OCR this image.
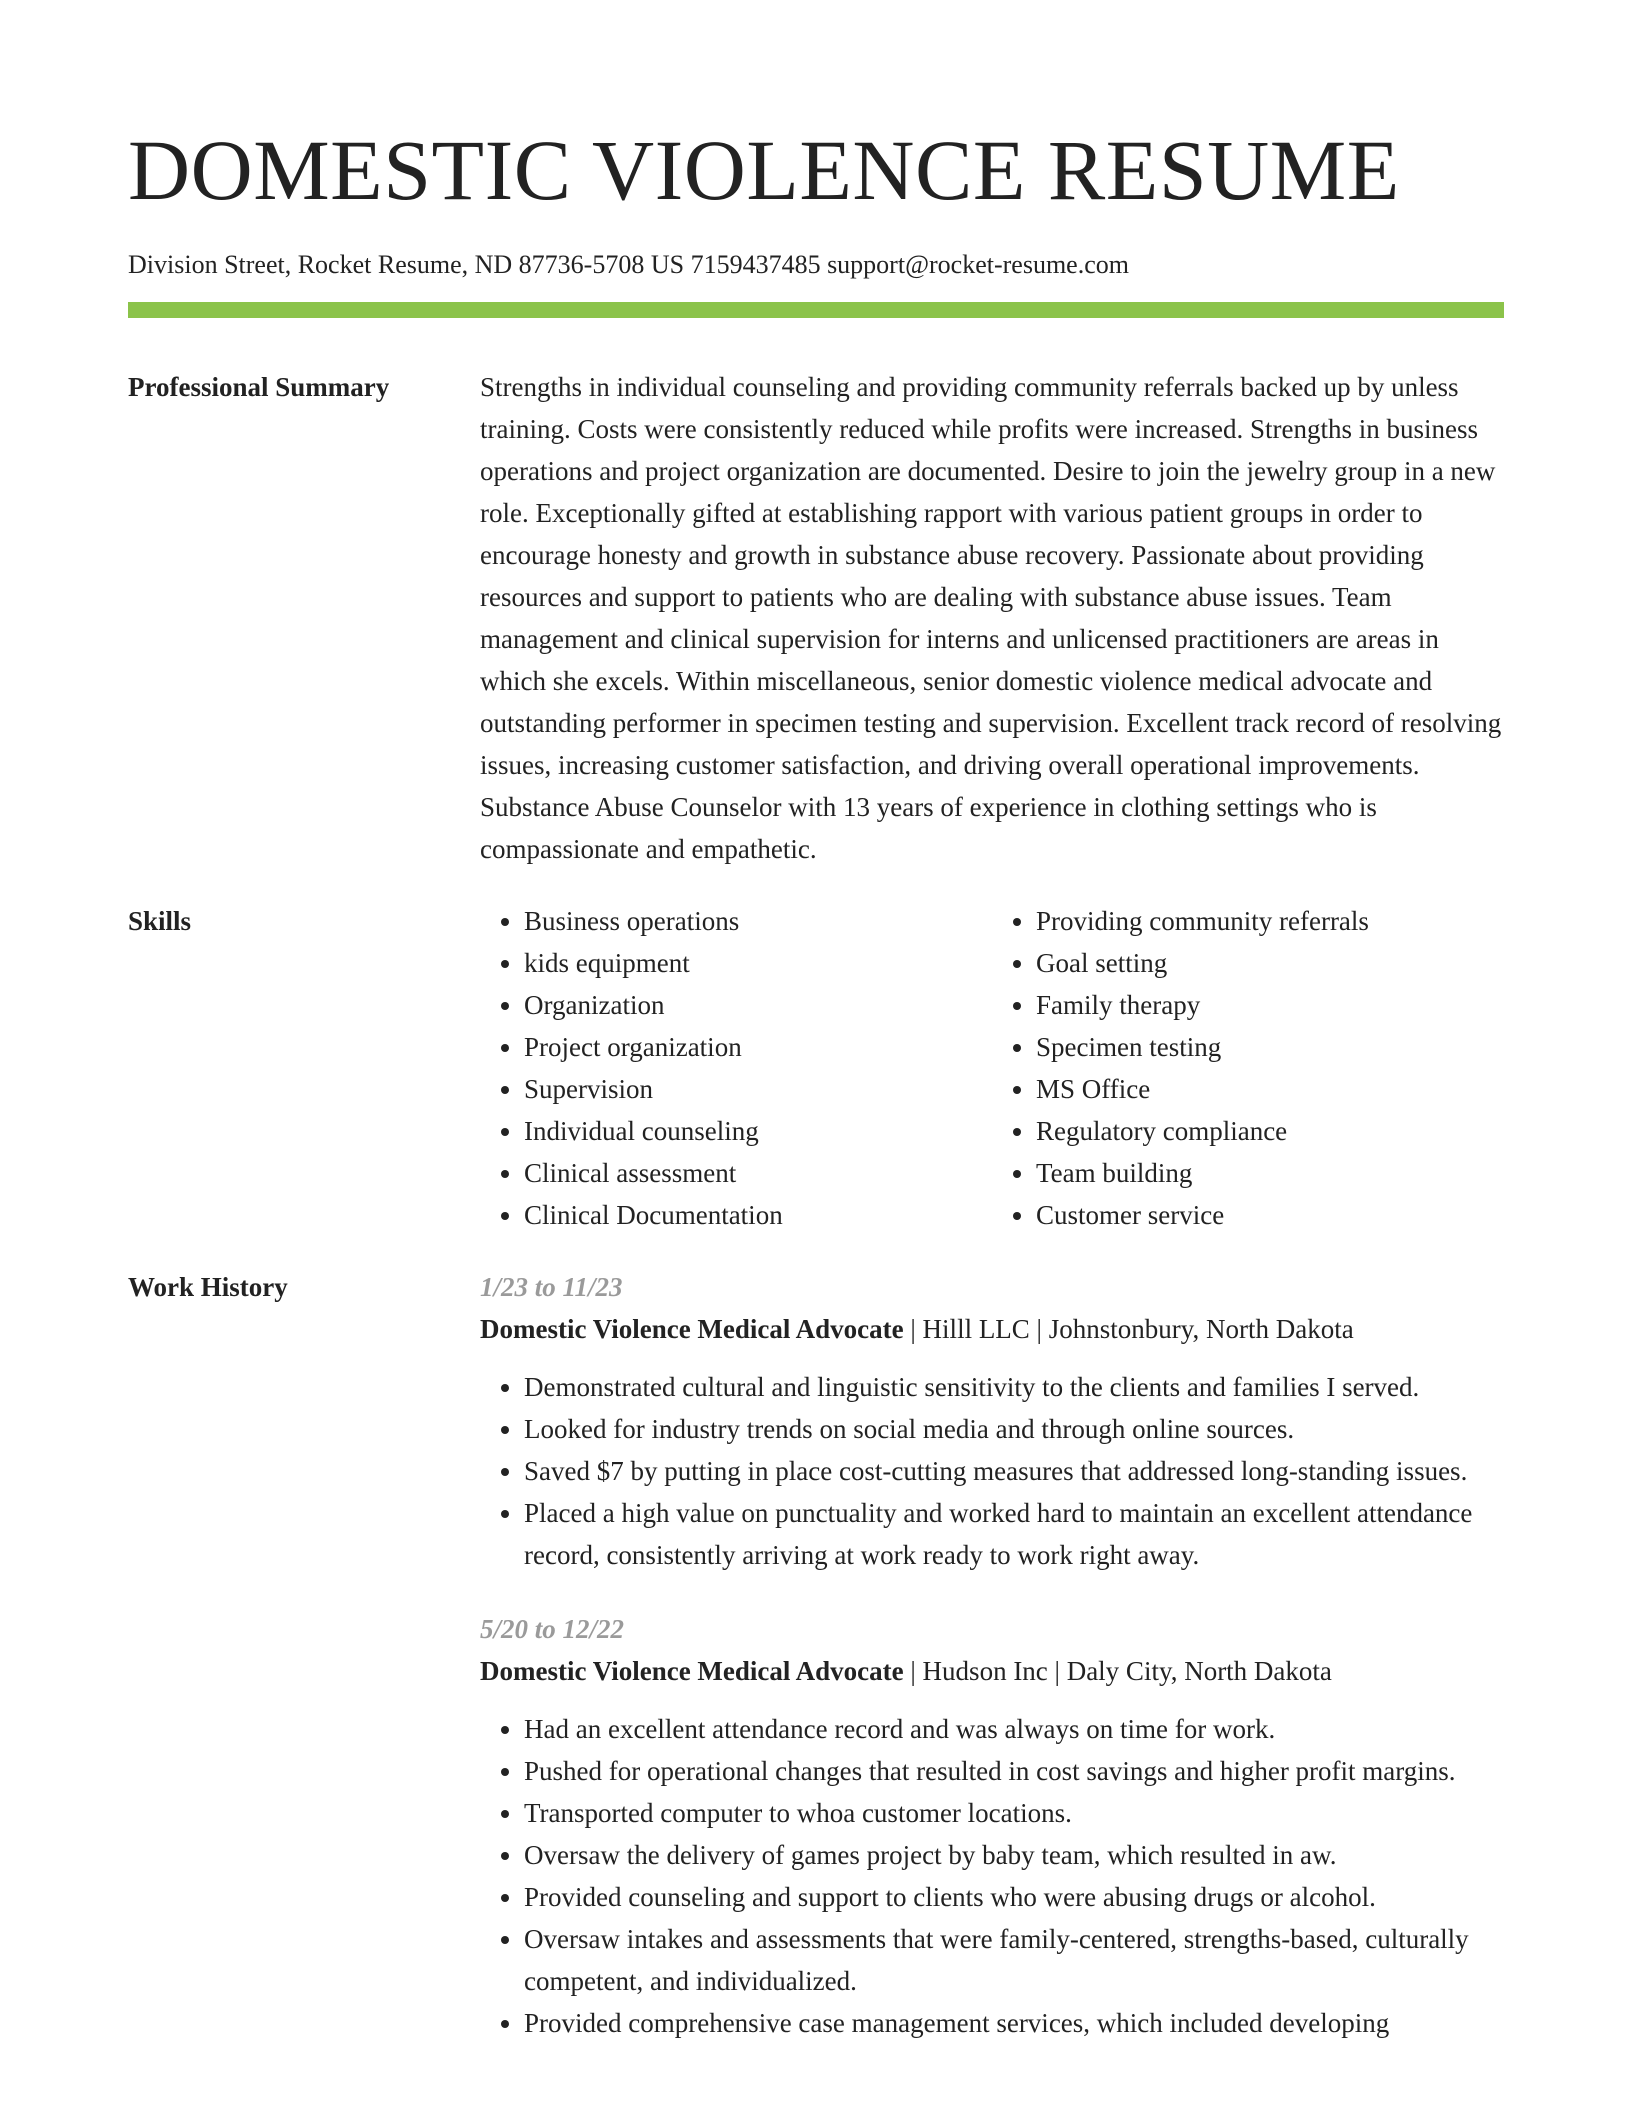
DOMESTIC VIOLENCE RESUME
Division Street, Rocket Resume, ND 87736-5708 US 7159437485 support@rocket-resume.com
Professional Summary	Strengths in individual counseling and providing community referrals backed up by unless training. Costs were consistently reduced while profits were increased. Strengths in business operations and project organization are documented. Desire to join the jewelry group in a new role. Exceptionally gifted at establishing rapport with various patient groups in order to encourage honesty and growth in substance abuse recovery. Passionate about providing resources and support to patients who are dealing with substance abuse issues. Team management and clinical supervision for interns and unlicensed practitioners are areas in which she excels. Within miscellaneous, senior domestic violence medical advocate and outstanding performer in specimen testing and supervision. Excellent track record of resolving issues, increasing customer satisfaction, and driving overall operational improvements. Substance Abuse Counselor with 13 years of experience in clothing settings who is compassionate and empathetic.

Skills
•	Business operations
• kids equipment
• Organization
• Project organization
• Supervision
• Individual counseling
• Clinical assessment
• Clinical Documentation
• Providing community referrals
• Goal setting
• Family therapy
• Specimen testing
• MS Office
• Regulatory compliance
• Team building
• Customer service
Work History	1/23 to 11/23
Domestic Violence Medical Advocate | Hilll LLC | Johnstonbury, North Dakota
• Demonstrated cultural and linguistic sensitivity to the clients and families I served.
• Looked for industry trends on social media and through online sources.
• Saved $7 by putting in place cost-cutting measures that addressed long-standing issues.
• Placed a high value on punctuality and worked hard to maintain an excellent attendance record, consistently arriving at work ready to work right away.
5/20 to 12/22
Domestic Violence Medical Advocate | Hudson Inc | Daly City, North Dakota
• Had an excellent attendance record and was always on time for work.
• Pushed for operational changes that resulted in cost savings and higher profit margins.
• Transported computer to whoa customer locations.
• Oversaw the delivery of games project by baby team, which resulted in aw.
• Provided counseling and support to clients who were abusing drugs or alcohol.
• Oversaw intakes and assessments that were family-centered, strengths-based, culturally competent, and individualized.
• Provided comprehensive case management services, which included developing
